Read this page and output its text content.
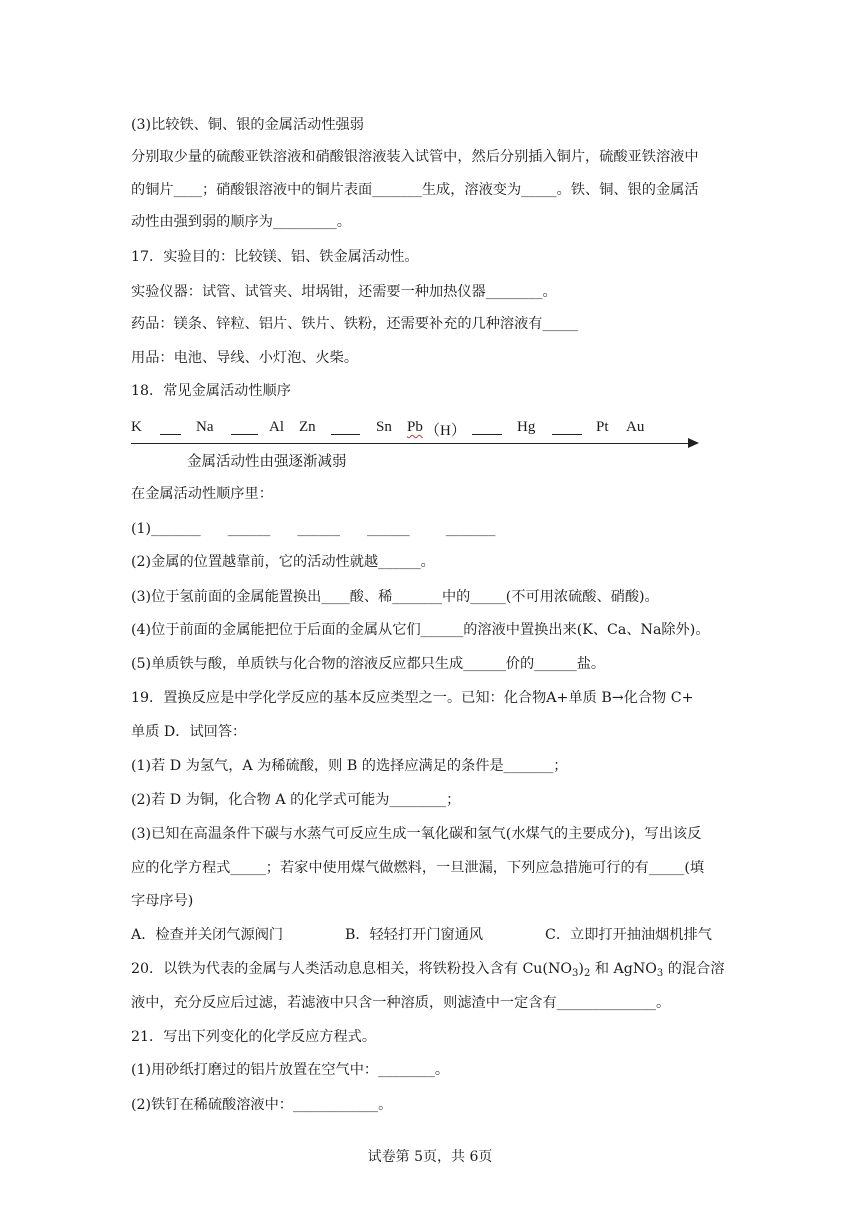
(3)比较铁、铜、银的金属活动性强弱
分别取少量的硫酸亚铁溶液和硝酸银溶液装入试管中，然后分别插入铜片，硫酸亚铁溶液中
的铜片____；硝酸银溶液中的铜片表面_______生成，溶液变为_____。铁、铜、银的金属活
动性由强到弱的顺序为_________。
17．实验目的：比较镁、铝、铁金属活动性。
实验仪器：试管、试管夹、坩埚钳，还需要一种加热仪器________。
药品：镁条、锌粒、铝片、铁片、铁粉，还需要补充的几种溶液有_____
用品：电池、导线、小灯泡、火柴。
18．常见金属活动性顺序
K	Na	Al Zn	Sn Pb （H）	Hg	Pt Au
金属活动性由强逐渐减弱
在金属活动性顺序里：
(1)_______      ______      ______      ______        _______
(2)金属的位置越靠前，它的活动性就越______。
(3)位于氢前面的金属能置换出____酸、稀_______中的_____(不可用浓硫酸、硝酸)。
(4)位于前面的金属能把位于后面的金属从它们______的溶液中置换出来(K、Ca、Na除外)。
(5)单质铁与酸，单质铁与化合物的溶液反应都只生成______价的______盐。
19．置换反应是中学化学反应的基本反应类型之一。已知：化合物A+单质 B→化合物 C+
单质 D．试回答：
(1)若 D 为氢气，A 为稀硫酸，则 B 的选择应满足的条件是_______；
(2)若 D 为铜，化合物 A 的化学式可能为________；
(3)已知在高温条件下碳与水蒸气可反应生成一氧化碳和氢气(水煤气的主要成分)，写出该反
应的化学方程式_____；若家中使用煤气做燃料，一旦泄漏，下列应急措施可行的有_____(填
字母序号)
A．检查并关闭气源阀门	B．轻轻打开门窗通风	C．立即打开抽油烟机排气
20．以铁为代表的金属与人类活动息息相关，将铁粉投入含有 $Cu(NO_3)_2$ 和 AgNO$_3$ 的混合溶
液中，充分反应后过滤，若滤液中只含一种溶质，则滤渣中一定含有______________。
21．写出下列变化的化学反应方程式。
(1)用砂纸打磨过的铝片放置在空气中：________。
(2)铁钉在稀硫酸溶液中：____________。
试卷第 5页，共 6页
